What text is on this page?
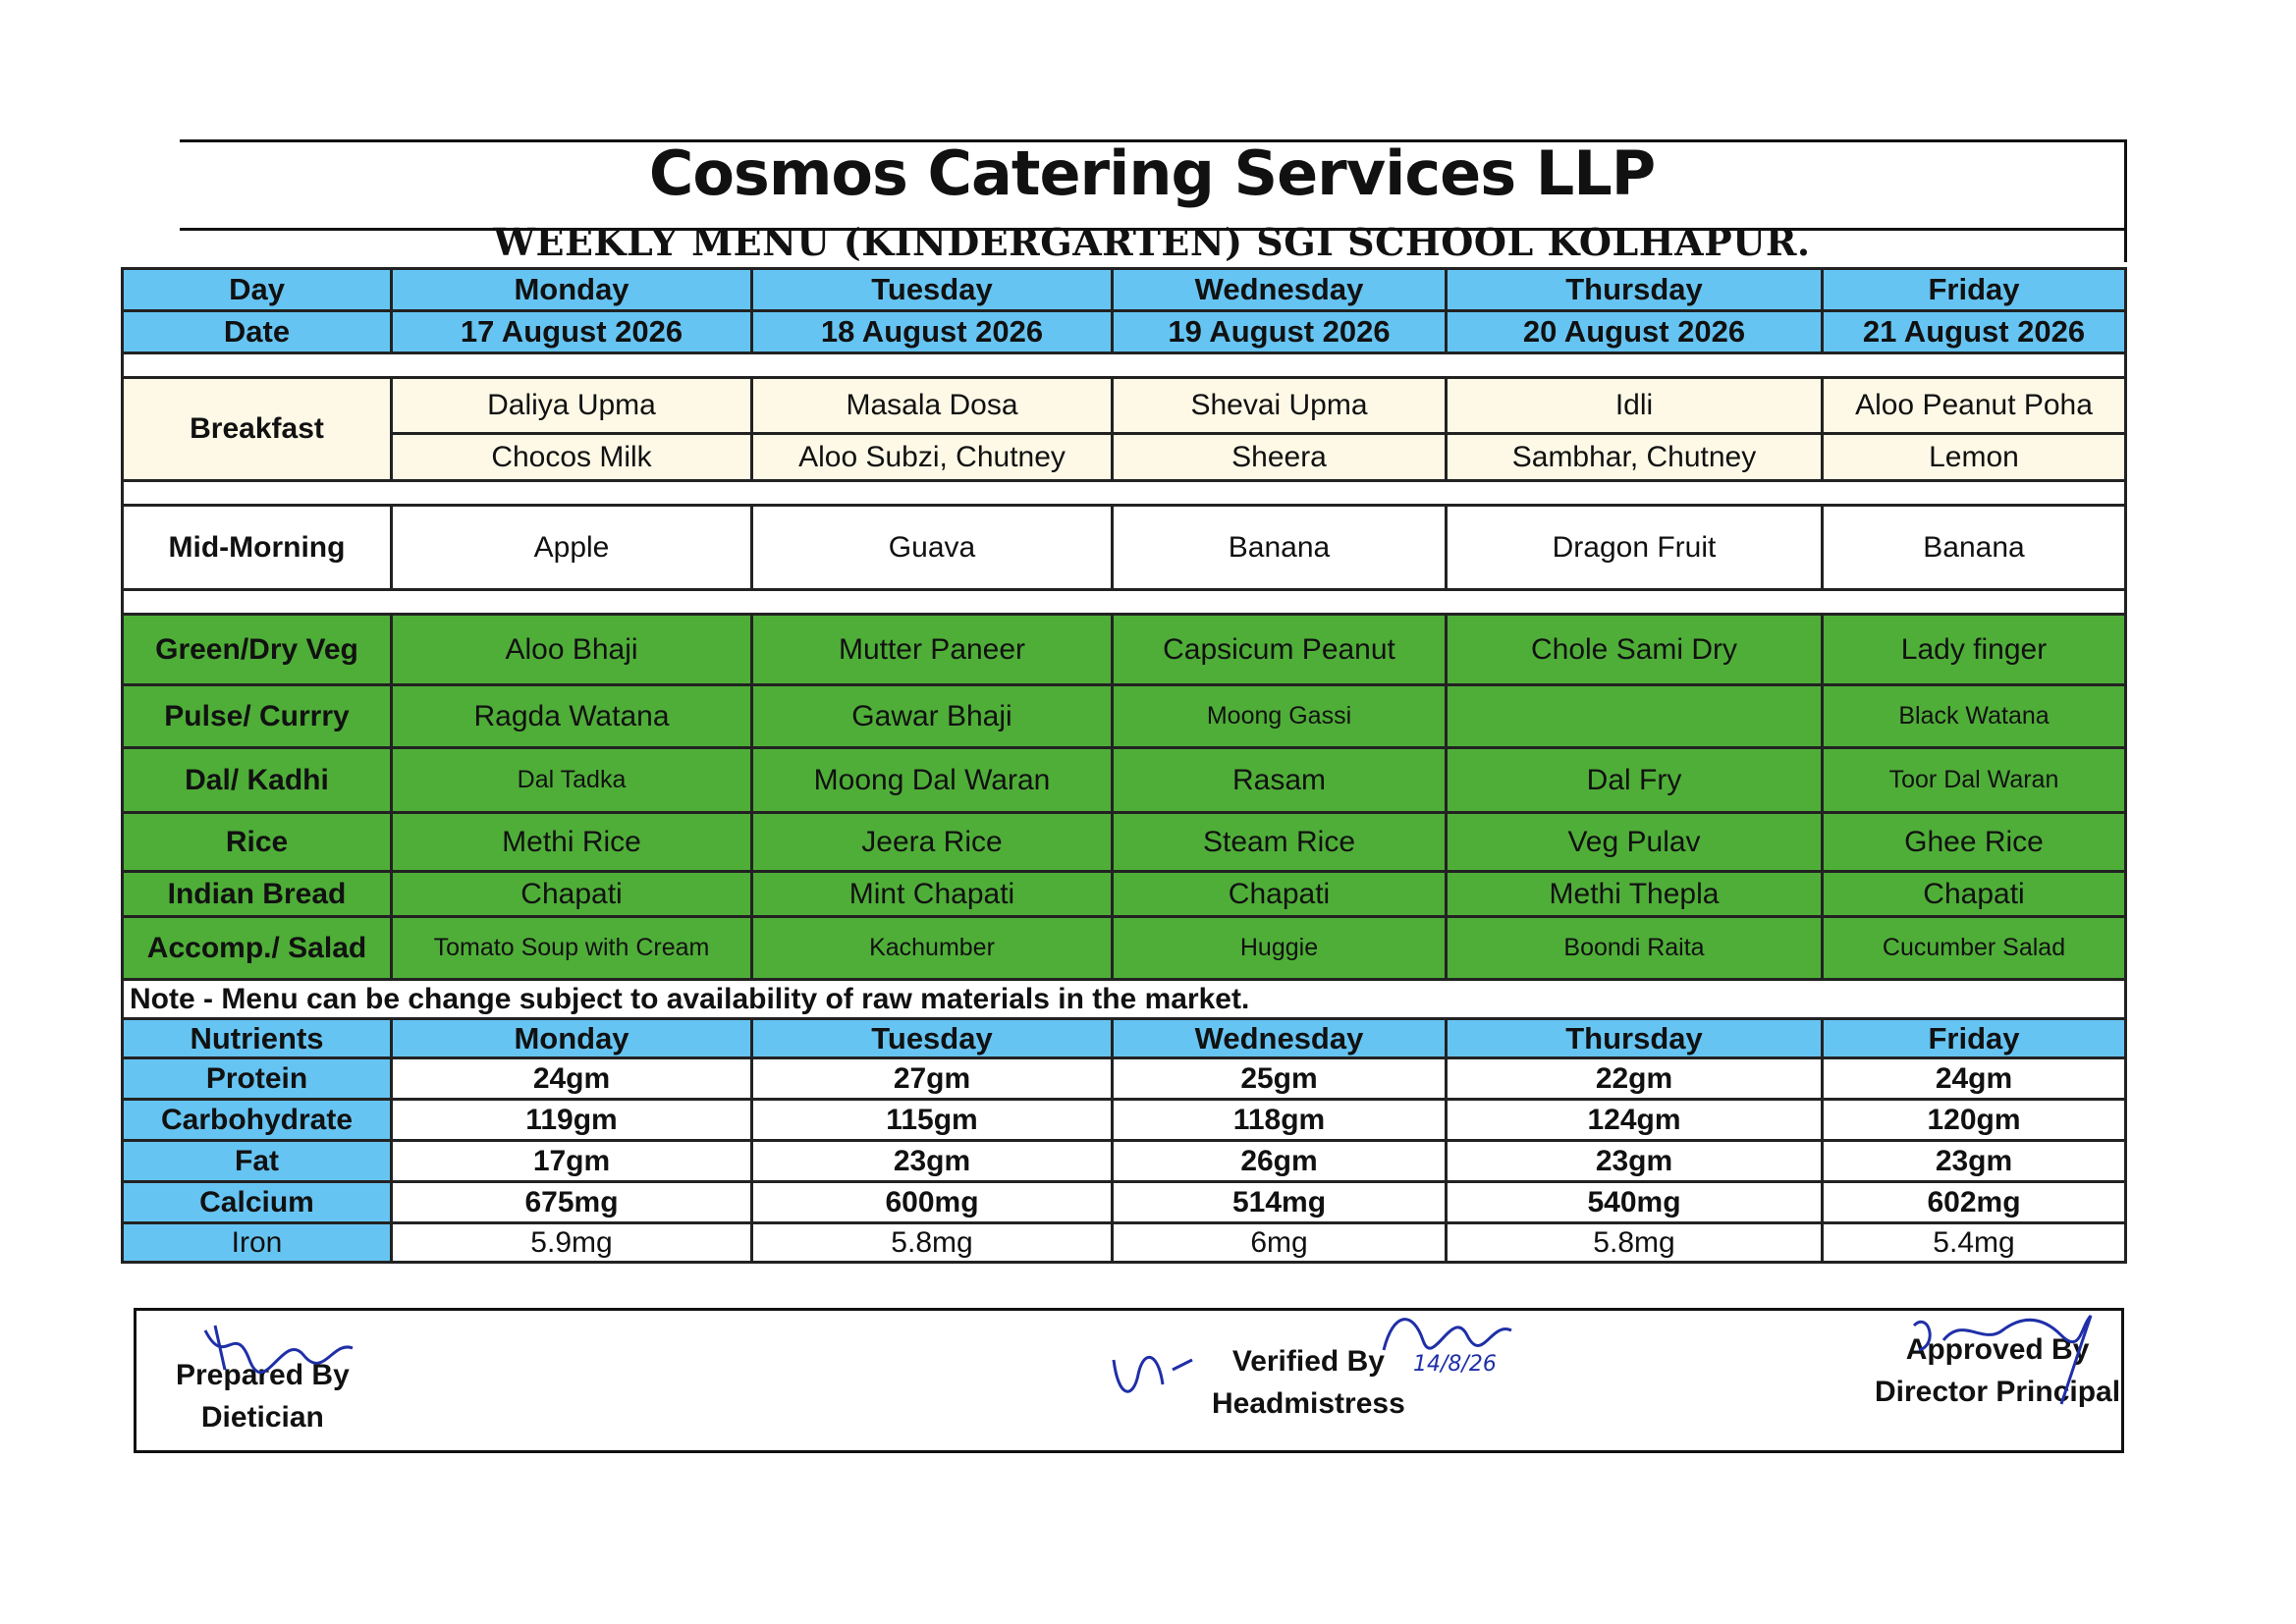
Cosmos Catering Services LLP
WEEKLY MENU (KINDERGARTEN) SGI SCHOOL KOLHAPUR.
Day	Monday	Tuesday	Wednesday	Thursday	Friday
Date	17 August 2026	18 August 2026	19 August 2026	20 August 2026	21 August 2026

Breakfast	Daliya Upma	Masala Dosa	Shevai Upma	Idli	Aloo Peanut Poha
	Chocos Milk	Aloo Subzi, Chutney	Sheera	Sambhar, Chutney	Lemon

Mid-Morning	Apple	Guava	Banana	Dragon Fruit	Banana

Green/Dry Veg	Aloo Bhaji	Mutter Paneer	Capsicum Peanut	Chole Sami Dry	Lady finger
Pulse/ Currry	Ragda Watana	Gawar Bhaji	Moong Gassi		Black Watana
Dal/ Kadhi	Dal Tadka	Moong Dal Waran	Rasam	Dal Fry	Toor Dal Waran
Rice	Methi Rice	Jeera Rice	Steam Rice	Veg Pulav	Ghee Rice
Indian Bread	Chapati	Mint Chapati	Chapati	Methi Thepla	Chapati
Accomp./ Salad	Tomato Soup with Cream	Kachumber	Huggie	Boondi Raita	Cucumber Salad
Note - Menu can be change subject to availability of raw materials in the market.					
Nutrients	Monday	Tuesday	Wednesday	Thursday	Friday
Protein	24gm	27gm	25gm	22gm	24gm
Carbohydrate	119gm	115gm	118gm	124gm	120gm
Fat	17gm	23gm	26gm	23gm	23gm
Calcium	675mg	600mg	514mg	540mg	602mg
Iron	5.9mg	5.8mg	6mg	5.8mg	5.4mg
Prepared By
Dietician
Verified By
Headmistress
14/8/26	Approved By
Director Principal
